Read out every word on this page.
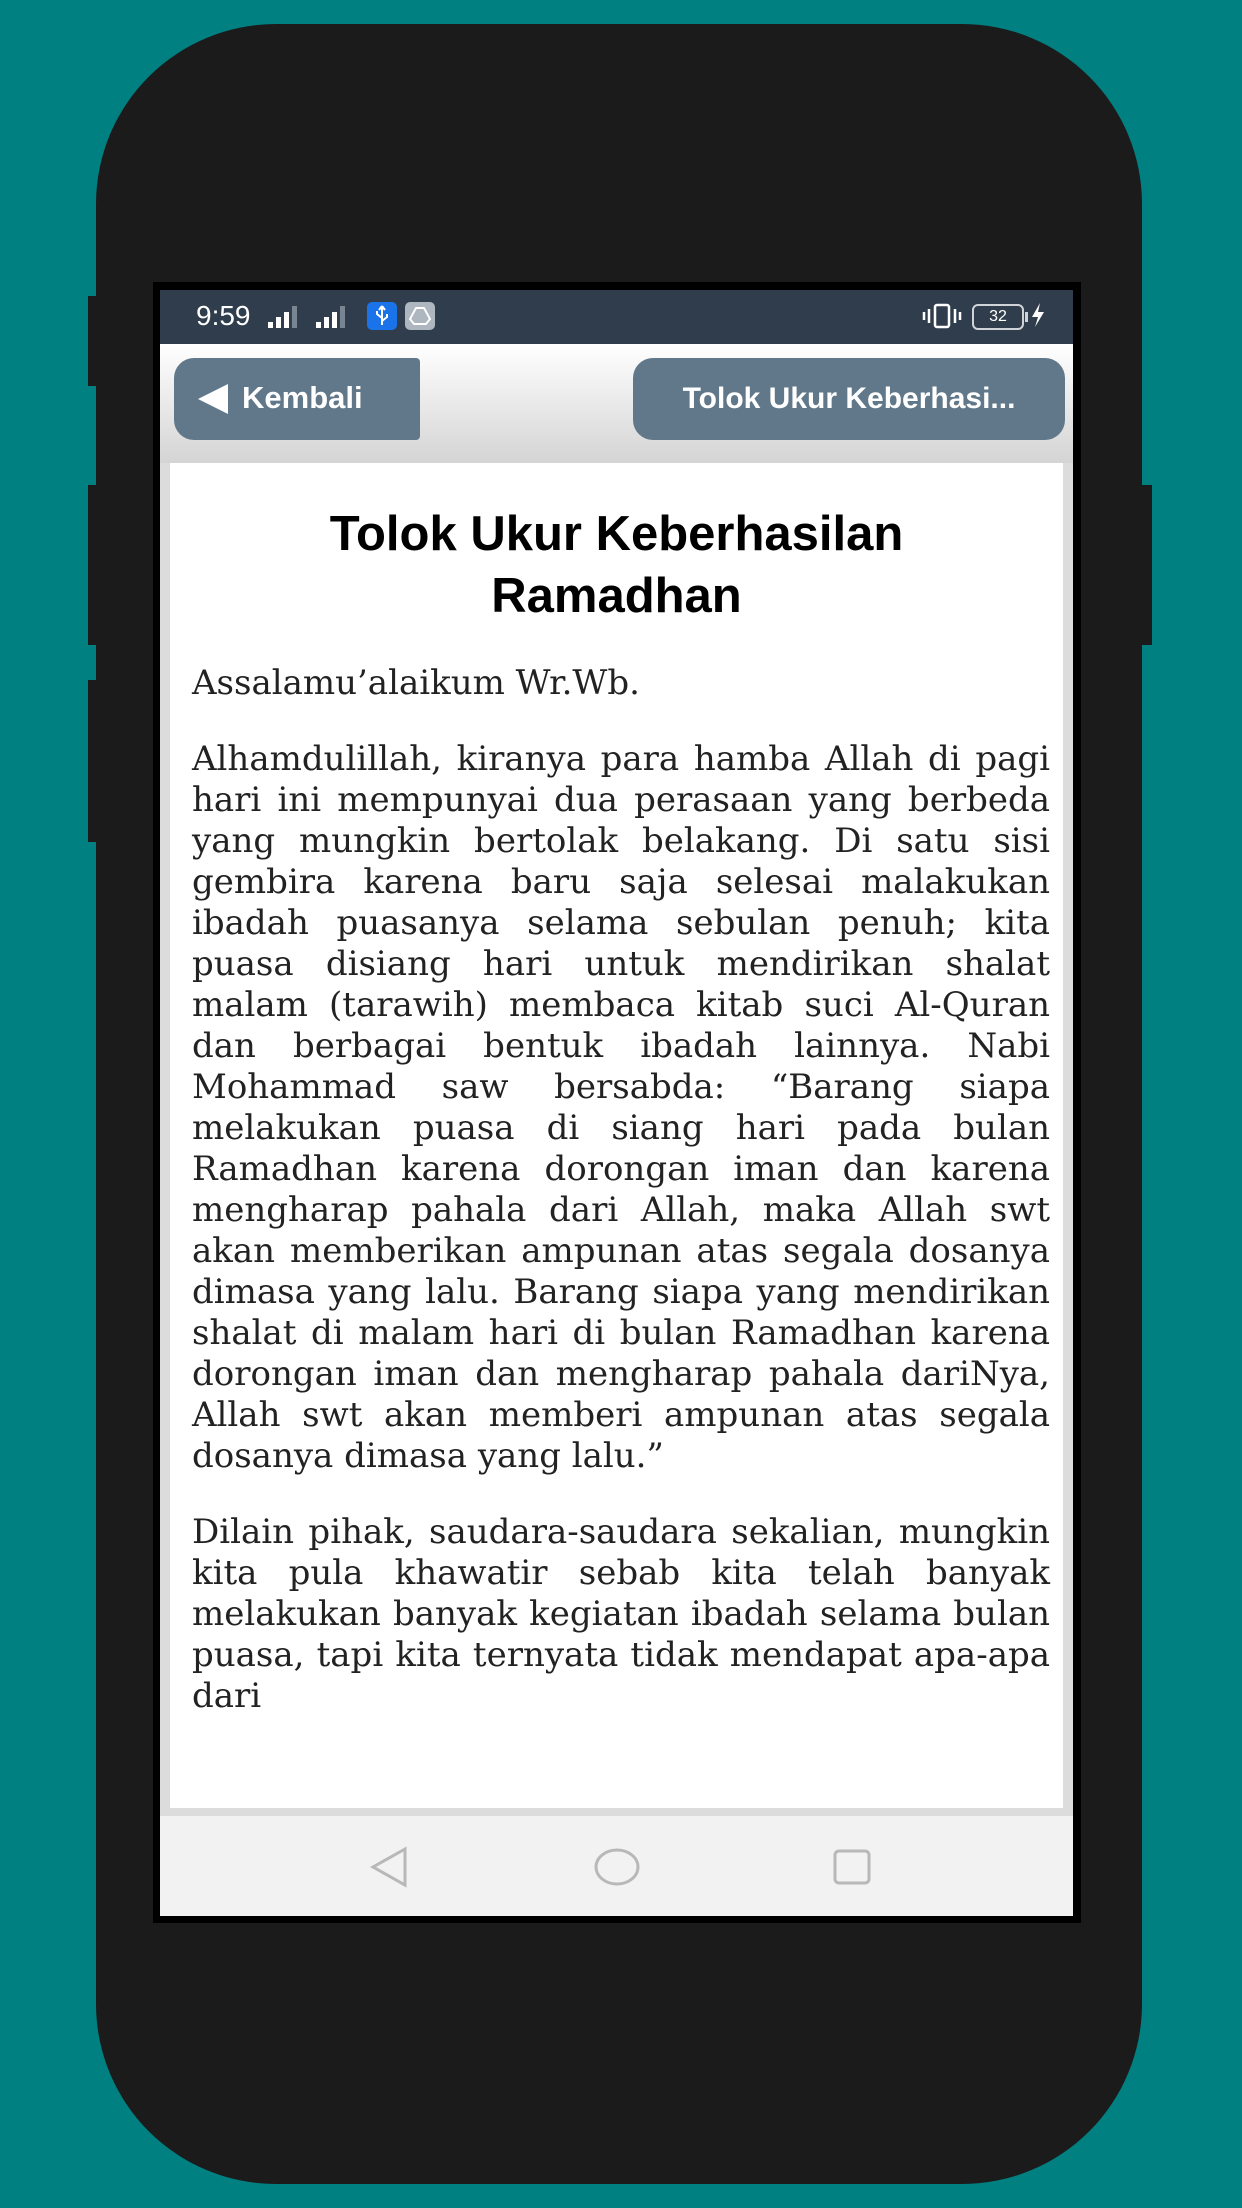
9:59	32
Kembali	Tolok Ukur Keberhasi...
Tolok Ukur Keberhasilan Ramadhan

Assalamu’alaikum Wr.Wb.

Alhamdulillah, kiranya para hamba Allah di pagi hari ini mempunyai dua perasaan yang berbeda yang mungkin bertolak belakang. Di satu sisi gembira karena baru saja selesai malakukan ibadah puasanya selama sebulan penuh; kita puasa disiang hari untuk mendirikan shalat malam (tarawih) membaca kitab suci Al-Quran dan berbagai bentuk ibadah lainnya. Nabi Mohammad saw bersabda: “Barang siapa melakukan puasa di siang hari pada bulan Ramadhan karena dorongan iman dan karena mengharap pahala dari Allah, maka Allah swt akan memberikan ampunan atas segala dosanya dimasa yang lalu. Barang siapa yang mendirikan shalat di malam hari di bulan Ramadhan karena dorongan iman dan mengharap pahala dariNya, Allah swt akan memberi ampunan atas segala dosanya dimasa yang lalu.”

Dilain pihak, saudara-saudara sekalian, mungkin kita pula khawatir sebab kita telah banyak melakukan banyak kegiatan ibadah selama bulan puasa, tapi kita ternyata tidak mendapat apa-apa dari
